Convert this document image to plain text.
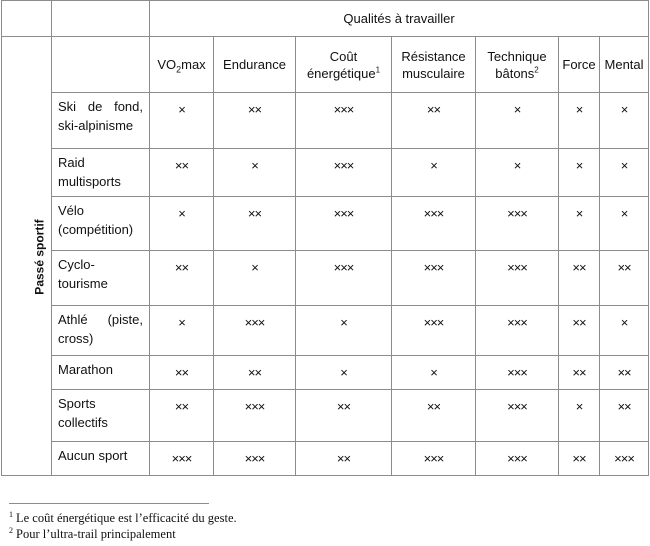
		Qualités à travailler						
Passé sportif		$VO_2\max$	Endurance	Coût énergétique$^1$	Résistance musculaire	Technique bâtons$^2$	Force	Mental
	Ski de fond, ski-alpinisme	×	××	×××	××	×	×	×
	Raid multisports	××	×	×××	×	×	×	×
	Vélo (compétition)	×	××	×××	×××	×××	×	×
	Cyclo-tourisme	××	×	×××	×××	×××	××	××
	Athlé (piste, cross)	×	×××	×	×××	×××	××	×
	Marathon	××	××	×	×	×××	××	××
	Sports collectifs	××	×××	××	××	×××	×	××
	Aucun sport	×××	×××	××	×××	×××	××	×××
$^1$ Le coût énergétique est l’efficacité du geste.
$^2$ Pour l’ultra-trail principalement
